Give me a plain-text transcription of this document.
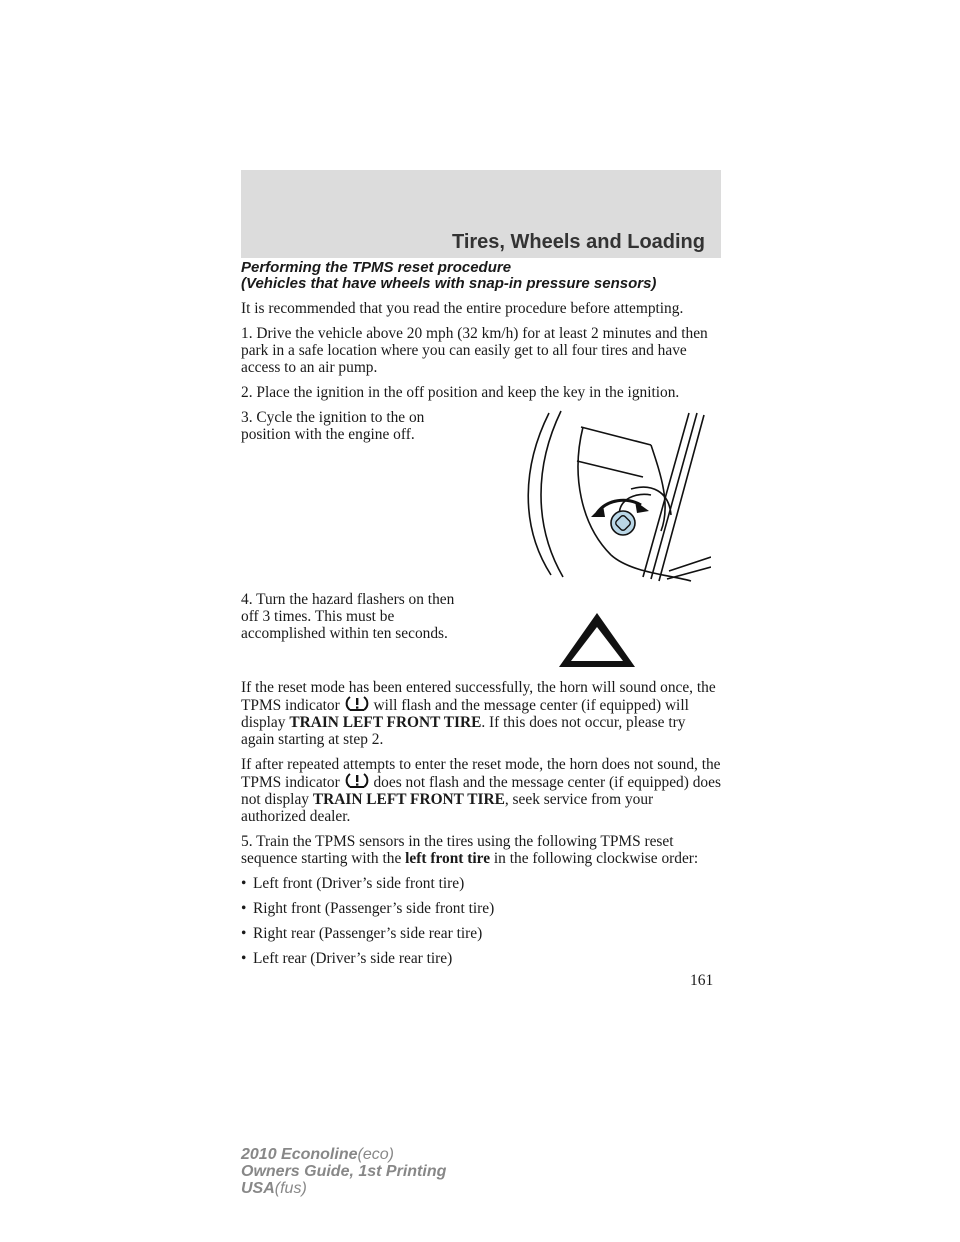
Tires, Wheels and Loading
Performing the TPMS reset procedure
(Vehicles that have wheels with snap-in pressure sensors)

It is recommended that you read the entire procedure before attempting.

1. Drive the vehicle above 20 mph (32 km/h) for at least 2 minutes and then park in a safe location where you can easily get to all four tires and have access to an air pump.

2. Place the ignition in the off position and keep the key in the ignition.

3. Cycle the ignition to the on position with the engine off.

4. Turn the hazard flashers on then off 3 times. This must be accomplished within ten seconds.

If the reset mode has been entered successfully, the horn will sound once, the TPMS indicator will flash and the message center (if equipped) will display TRAIN LEFT FRONT TIRE. If this does not occur, please try again starting at step 2.

If after repeated attempts to enter the reset mode, the horn does not sound, the TPMS indicator does not flash and the message center (if equipped) does not display TRAIN LEFT FRONT TIRE, seek service from your authorized dealer.

5. Train the TPMS sensors in the tires using the following TPMS reset sequence starting with the left front tire in the following clockwise order:

• Left front (Driver’s side front tire)
• Right front (Passenger’s side front tire)
• Right rear (Passenger’s side rear tire)
• Left rear (Driver’s side rear tire)
161
2010 Econoline(eco)
Owners Guide, 1st Printing
USA(fus)
